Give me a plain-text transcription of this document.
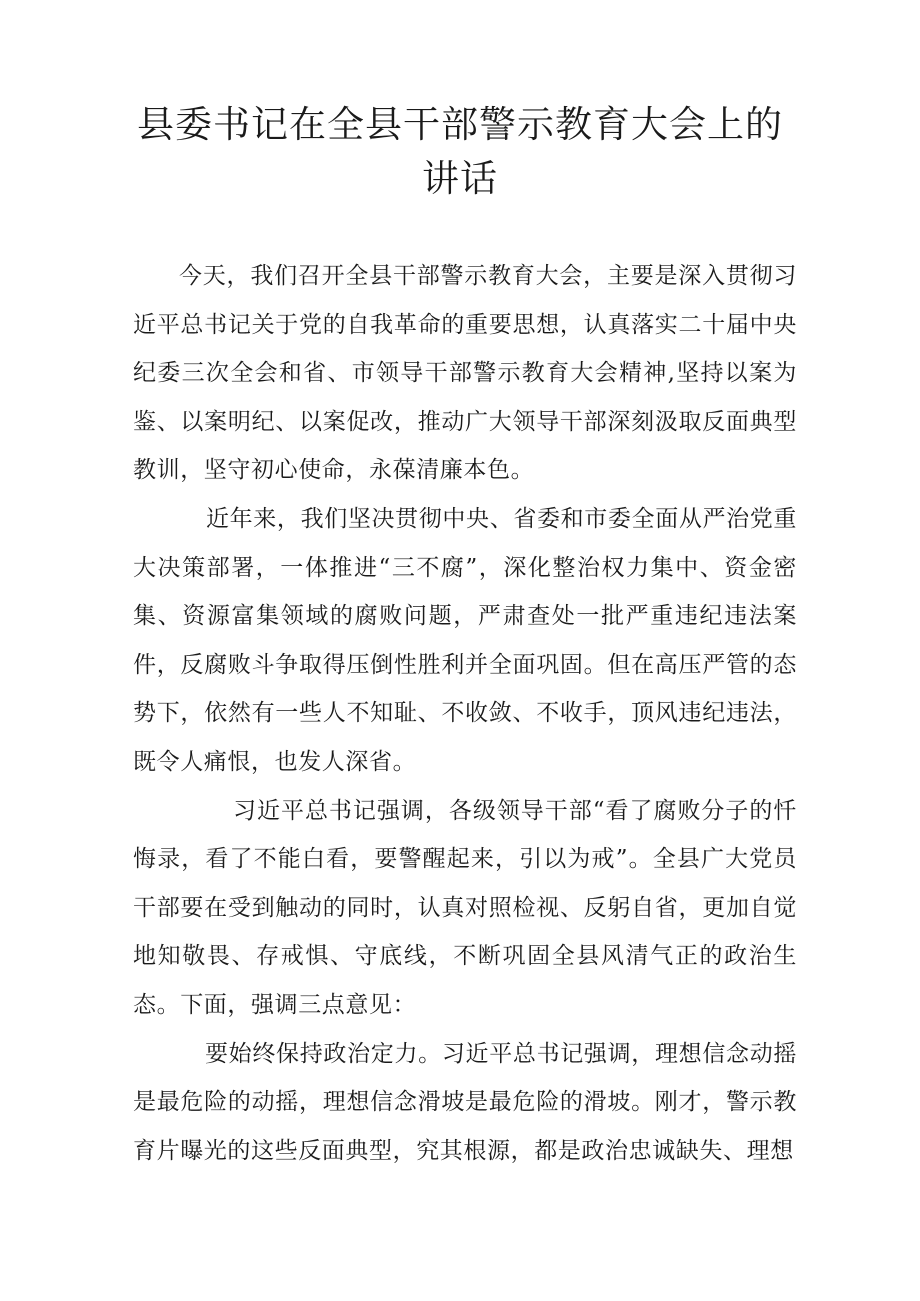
县委书记在全县干部警示教育大会上的讲话

今天，我们召开全县干部警示教育大会，主要是深入贯彻习近平总书记关于党的自我革命的重要思想，认真落实二十届中央纪委三次全会和省、市领导干部警示教育大会精神,坚持以案为鉴、以案明纪、以案促改，推动广大领导干部深刻汲取反面典型教训，坚守初心使命，永葆清廉本色。

近年来，我们坚决贯彻中央、省委和市委全面从严治党重大决策部署，一体推进“三不腐”，深化整治权力集中、资金密集、资源富集领域的腐败问题，严肃查处一批严重违纪违法案件，反腐败斗争取得压倒性胜利并全面巩固。但在高压严管的态势下，依然有一些人不知耻、不收敛、不收手，顶风违纪违法，既令人痛恨，也发人深省。

习近平总书记强调，各级领导干部“看了腐败分子的忏悔录，看了不能白看，要警醒起来，引以为戒”。全县广大党员干部要在受到触动的同时，认真对照检视、反躬自省，更加自觉地知敬畏、存戒惧、守底线，不断巩固全县风清气正的政治生态。下面，强调三点意见：

要始终保持政治定力。习近平总书记强调，理想信念动摇是最危险的动摇，理想信念滑坡是最危险的滑坡。刚才，警示教育片曝光的这些反面典型，究其根源，都是政治忠诚缺失、理想
